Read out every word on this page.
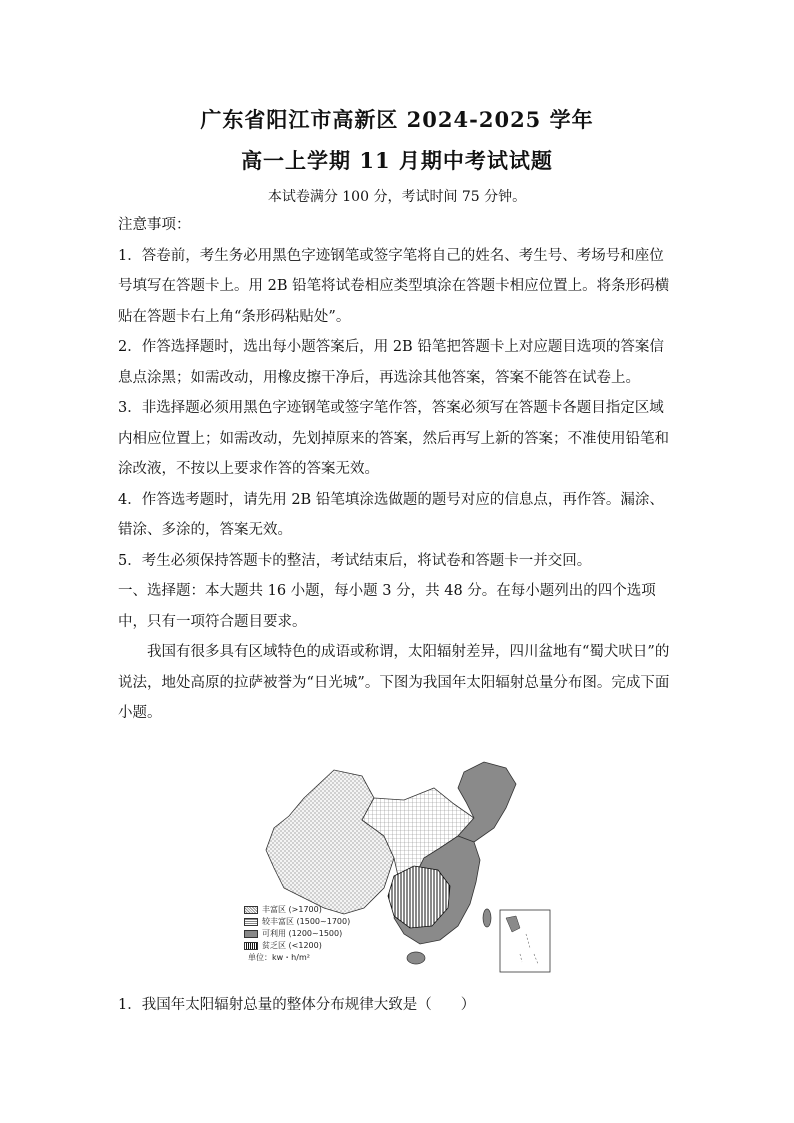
广东省阳江市高新区 2024-2025 学年
高一上学期 11 月期中考试试题
本试卷满分 100 分，考试时间 75 分钟。

注意事项：

1．答卷前，考生务必用黑色字迹钢笔或签字笔将自己的姓名、考生号、考场号和座位号填写在答题卡上。用 2B 铅笔将试卷相应类型填涂在答题卡相应位置上。将条形码横贴在答题卡右上角“条形码粘贴处”。

2．作答选择题时，选出每小题答案后，用 2B 铅笔把答题卡上对应题目选项的答案信息点涂黑；如需改动，用橡皮擦干净后，再选涂其他答案，答案不能答在试卷上。

3．非选择题必须用黑色字迹钢笔或签字笔作答，答案必须写在答题卡各题目指定区域内相应位置上；如需改动，先划掉原来的答案，然后再写上新的答案；不准使用铅笔和涂改液，不按以上要求作答的答案无效。

4．作答选考题时，请先用 2B 铅笔填涂选做题的题号对应的信息点，再作答。漏涂、错涂、多涂的，答案无效。

5．考生必须保持答题卡的整洁，考试结束后，将试卷和答题卡一并交回。

一、选择题：本大题共 16 小题，每小题 3 分，共 48 分。在每小题列出的四个选项中，只有一项符合题目要求。

我国有很多具有区域特色的成语或称谓，太阳辐射差异，四川盆地有“蜀犬吠日”的说法，地处高原的拉萨被誉为“日光城”。下图为我国年太阳辐射总量分布图。完成下面小题。

丰富区 (>1700)
较丰富区 (1500~1700)
可利用 (1200~1500)
贫乏区 (<1200)
单位：kw・h/m²
1．我国年太阳辐射总量的整体分布规律大致是（　　）
